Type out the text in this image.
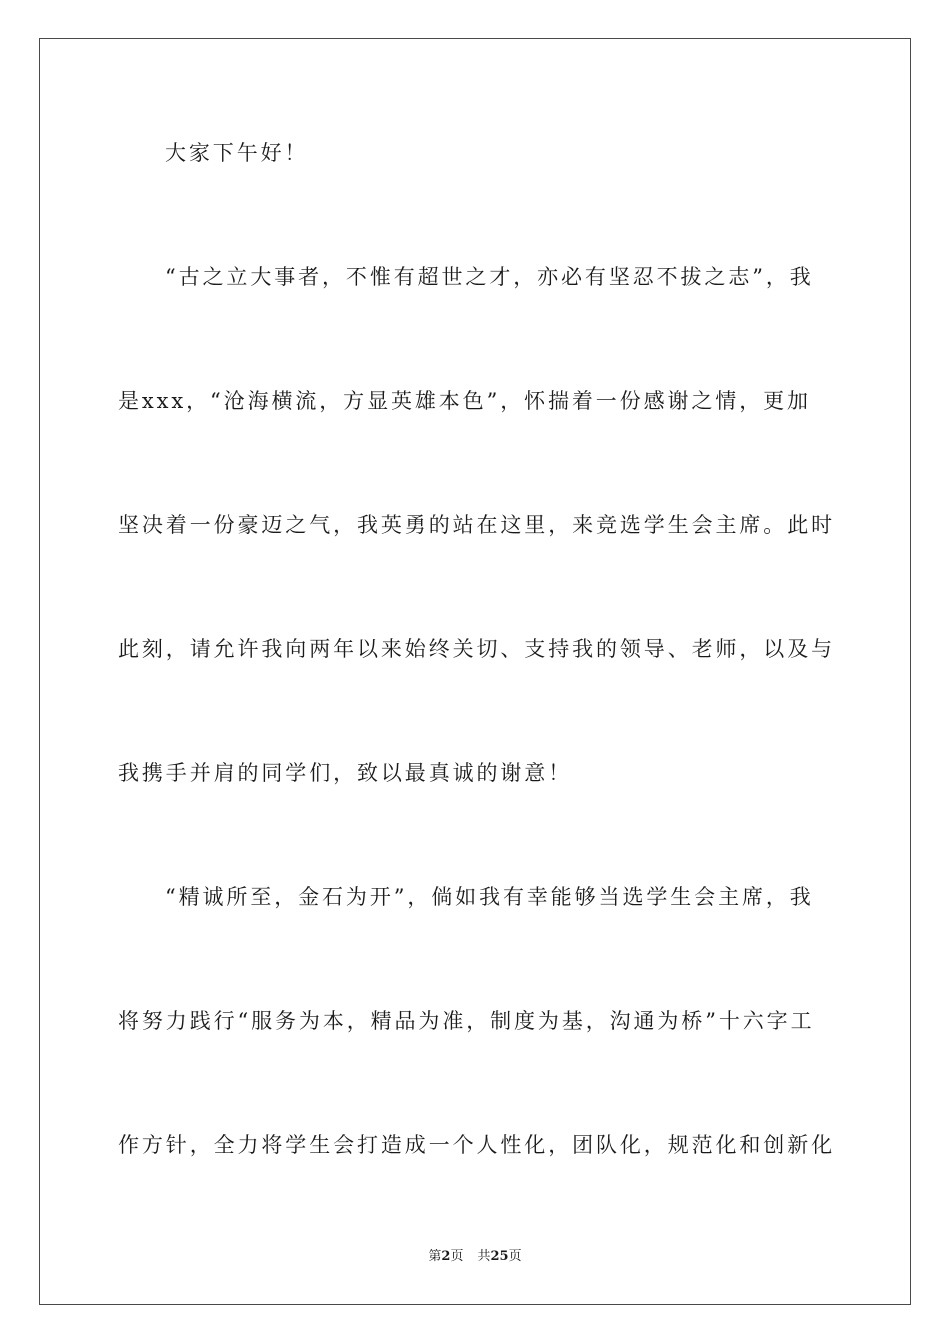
大家下午好！
“古之立大事者，不惟有超世之才，亦必有坚忍不拔之志”，我
是xxx，“沧海横流，方显英雄本色”，怀揣着一份感谢之情，更加
坚决着一份豪迈之气，我英勇的站在这里，来竞选学生会主席。此时
此刻，请允许我向两年以来始终关切、支持我的领导、老师，以及与
我携手并肩的同学们，致以最真诚的谢意！
“精诚所至，金石为开”，倘如我有幸能够当选学生会主席，我
将努力践行“服务为本，精品为准，制度为基，沟通为桥”十六字工
作方针，全力将学生会打造成一个人性化，团队化，规范化和创新化
第2页 共25页
